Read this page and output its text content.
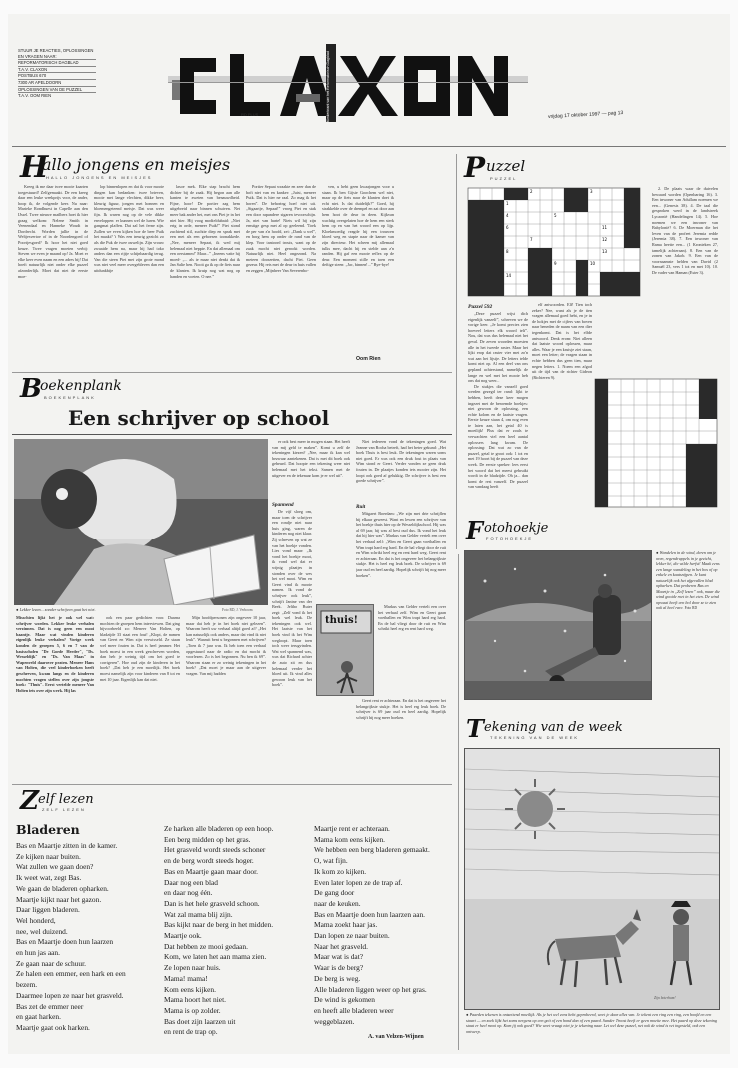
STUUR JE REACTIES, OPLOSSINGEN EN VRAGEN NAAR:
REFORMATORISCH DAGBLAD
T.A.V. CLAXON
POSTBUS 670
7300 AR APELDOORN
OPLOSSINGEN VAN DE PUZZEL
T.A.V. OOM RIEN	Kinderkrant van het Reformatorisch Dagblad
RD PLUS	vrijdag 17 oktober 1997 — pag 13
H
allo jongens en meisjes
HALLO JONGENS EN MEISJES

Kreeg ik me daar twee mooie kaarten toegestuurd! Zelfgemaakt. De een kreeg daar een leuke weekprijs voor, de ander, hoop ik, de volgende keer. Nu naar: Marieke Rondhuest in Capelle aan den IJssel. Twee nieuwe mailbers hoet ik hier graag welkom: Nelene Smith in Veenendaal en Hanneke Woudt in Dordrecht. Worden jullie in de Weltjesvertoe of in de Noordengoed of Poortjesgoed? Ik hoor het niet goed keuze. Twee vragen moeten verbij: Steven we even je maand op! Ja. Moet er elke keer even naam en een adres bij! Dat hoeft natuurlijk niet onder elke puzzel afzonderlijk. Moet dat niet de eerste moe-

lop binnenlopen en dat ik voor mooie dingen kan bedanken: twee brieven, mooie met lange vlechten, dikke beer, kleurig figuur, jongen met honnen en bloemengeteend meisje. Dat was weer fijn. Ik waren nog op de vele dikke enveloppen: er kunnen wel de luren. Wie gangmat plaffen. Dat zal het ferne zijn. Zullen we even kijken hoe de beer Puik het maakt? 't Was een treurig gezicht zo als die Puk de twee ouwelijn. Zijn vrouw zwaaide hem na, maar hij had toko anders dan een rijtje schijnbaardig terug. Van die steen Piet met zijn grote mond was niet veel meer overgebleven dan een uitdunkbije

lasoe mek. Elke stap bracht hem dichter bij de zaak. Hij begon aan alle kanten te zweten van benauwdheid. Fijne, hoor! De portier zag hem uitgebreid naar binnen schuiven. Net meer bak ander het, met ons Piet je in het niet hier. Hij voog modieldubaid: „Niet erig in orde, meneer Puik!” Piet stond zuchtend stil, zuchtte diep en sprak met een met als een geboesen toonakkede. „Nee, meneer Sepaat, ik wed mij helemaal niet heppie. En dat allemaal om een oerstamm!’ Maar...” „Ineens vatte hij moed- „... als ie maar niet denkt dat ik Jan Salie ben. Nooit ga ik op de fiets naar de klanten. Ik kruip nog wat nog op handen en voeten. O nee.”

Portier Sepaat wraakte en zeer dan de boft niet van en kanker: „Juist, meneer Puik. Dat is hier ne raal. Zo mag ik het horen”. De behoring hoef niet uit. „Sigaartje, Sepaat!” vroeg Piet en stak een door rapandere sigaren tevoorschijn. Ja, niet van harte! Niets wil hij zijn ernstige gesp met al op geeleend. 'Toek de per van z'n hoofd, zei: „Dank u wel”, en borg hem op onder de rand van de klep. Voor tantoord trouis, want op de zaak mocht niet gerookt worden. Natuurlijk niet. Heel ongezond. Na meteen doorzetten, dacht Piet. Geen gezeur. Hij reis met de deur in huis vallen en zeggen „Mijnheer Van Severenbo-

ven, u hebt geen kwaajongen voor u staan. Ik ben Gijsie Goochem wel niet, maar op de fiets naar de klanten doet ik echt niet. Is dat duidelijk?” Goed, hij strakkelde over de drempel en zat door aan hem hoot de deur in deen. Kijkvan wachtig overgelaten hoe de hem een sterk hem op en van het woord een op lijp. Kloekmoedig reagde hij een trouwen bloed weg en stapte naar de kamer van zijn directeur. Het scheen mij allemaal tulks mee, dacht hij en stelde aan z'n randen. Hij gaf een mooie reflex op de deur. Een moment stille en toen een deftige steen: „Jac, binnen!...” Bye-bye!

Oom Rien
P uzzel
PUZZEL
1
2	3
4	5
6
7
8
9	10
11
12
13
14
Puzzel 592

„Deze puzzel wijst dich eigenlijk vanzelf”, schreven we de vorige keer. „Je komt precies zien hoeveel letters elk woord telt”. Nou, dat was dus helemaal niet het geval. De zeven woorden moesten alle in het tweede raster. Maar het lijkt erop dat raster vier met zo'n wat aan het lijstje. De letters telde komt niet op. Al een deel van ons gepland achterstand, namelijk de lange en wel met het mooie heb ons dat nog weer...

De stukjes die vanzelf goed werden gezegd ter rand: lijkt te hebben, heeft deze keer mogen ingezet met de beroemde boekjes: niet gewoon de oplossing, een echte kolom en de laatste vragen. Eerste keuze staan 4, om nog even te laten aan, het getal 40 is moeilijk! Plus dat er zoals te verwachten viel een heel aantal oplossers lang kwam. De oplossing: Dat wat zo van de puzzel, getal te groot ook: 1 tot en met 19 hoort bij de puzzel van deze week. De eerste spreker: lees eerst het woord dat het meest gebruikt wordt in de bladzijde. Oh ja... dan komt de rest vanzelf. De puzzel van vandaag heeft

elf antwoorden. Elf! Tien toch zeker? Nee, want als je de tien vragen allemaal goed hebt, en je in de hokjes met de cijfers van boven naar beneden de naam van een dier tegenkomt. Dat is het elfde antwoord. Denk erom: Niet alleen dat laatste woord oplossen, maar alles. Waar je een kruisje ziet staan, moet een letter; de vragen staan in echte hebben dus geen tien, maar negen letters. 1. Noem een afgod uit de tijd van de richter Gideon (Richteren 9).

2. De plaats waar de duivelen bewaard worden (Openbaring 16). 3. Een inwoner van Adullam noemen we een... (Genesis 38). 4. De taal die gesproken werd in de landstreek Lycaonië (Handelingen 14). 5. Hoe noemen we een inwoner van Babylonië? 6. De Moerman die het leven van de profeet Jeremia redde (Jeremia 38). 7. Een inwoner van Rama heette een... (1 Kronieken 27, tamelijk achteraan). 8. Een van de zonen van Jakob. 9. Een van de voornaamste helden van David (2 Samuël 23, vers 1 tot en met 10). 10. De vader van Haman (Ester 3).

B
oekenplank
BOEKENPLANK
Een schrijver op school
● Lekker lezen... zonder schrijven gaat het niet.	Foto RD, J. Verboom

Misschien lijkt het je ook wel wat: schrijver worden. Lekker leuke verhalen verzinnen. Dat is nog geen een mooi baantje. Maar wat vinden kinderen eigenlijk leuke verhalen? Vorige week konden de groepen 5, 6 en 7 van de basisscholen "De Goede Herder", "Ds. Wesseldijk" en "Ds. Van Maas" in Wapenveld daarover praten. Meneer Hans van Holten, die veel kinderboeken heeft geschreven, kwam langs en de kinderen mochten vragen stellen over zijn jongste boek: "Thuis". Eerst vertelde meneer Van Holten iets over zijn werk. Hij las

ook een paar gedichten voor. Daarna mochten de groepen hem interviewen. Dat ging bijvoorbeeld zo: Meneer Van Holten, op bladzijde 33 staat een fout! „Klopt, de namen van Geert en Wim zijn verwisseld. Ze staan wel meer fouten in. Dat is heel jammer. Het boek moest in een week geschreven worden, dan heb je weinig tijd om het goed te corrigeren”. Hoe oud zijn de kinderen in het boek? „Dat heb je een moeilijk. Het boek moest namelijk zijn voor kinderen van 8 tot en met 10 jaar. Eigenlijk kan dat niet.

Mijn hoofdpersonen zijn ongeveer 10 jaar, maar dat heb je in het boek niet gelezen”. Waarom heeft uw verhaal altijd goed af? „Het kan natuurlijk ook anders, maar dat vind ik niet leuk”. Waaruit bent u begonnen met schrijven? „Toen ik 7 jaar was. Ik heb toen een verhaal opgestuurd naar de radio en dat mocht ik voorlezen. Zo is het begonnen. Nu ben ik 69”. Waarom staan er zo weinig tekeningen in het boek? „Dat moet je maar aan de uitgever vragen. Van mij hadden

er ook best meer in mogen staan. Het heeft van mij geld te maken”. Komt u zelf de tekeningen kiezen? „Nee, maar ik kan wel bezwaar aantekenen. Dat is met dit boek ook gebeurd. Dat hoopte een tekening weer niet helemaal met het tekst. Samen met de uitgever en de tekenaar kom je er wel uit”.

Spannend

De vijf sloeg om, maar toen de schrijver een rondje niet naar huis ging, waren de kinderen nog niet klaar. Zij schreven op wat ze van het boekje vonden. Lies vond maar: „Ik vond het boekje mooi, ik vond wel dat er wijnig plaatjes in stonden over de wes het wel mooi. Wim en Geert vind ik mooie namen. Ik vond de schrijver ook leuk”, schrijft Janine van der Beek. Jeltho Buter zegt: „Zelf vond ik het boek wel leuk. De tekeningen ook wel. Het laatste van het boek vind ik het Wim wegloopt. Maar toen toch weer terugvinden. Wat wel spannend was, was dat Richard achter de auto zit en dus helemaal verder het bloed uit. Ik vind alles gewoon leuk van het boek”.

thuis!

Niet iedereen vond de tekeningen goed. Wat Jeanne van Rocha betreft, had het beter gekund: „Het boek Thuis is best leuk. De tekeningen waren soms niet goed. Er was ook een druk fout in plaats van Wim stond er Geert. Verder vonden ze geen druk fouten in. De plaatjes konden iets mooier zijn. Het loopt ook goed af gelukkig. De schrijver is best een goede schrijver”.

Ruit

Mitgaert Boerdam: „We zijn met drie schrijflen bij elkaar geweest. Want en lewen een schrijver van het boekje thuis hier op de Wesseldijkschool. Hij was al 69 jaar, hij was al best oud dus. Ik vond het leuk dat hij hier was”. Markus van Gelder vertelt een over het verhaal zelf: „Wim en Geert gaan voetballen en Wim trapt hard erg hard. En de bal vliegt door de ruit en Wim schrikt heel erg en rent hard weg. Geert rent er achteraan. En dat is het ongeveer het belangrijkste stukje. Het is heel erg leuk boek. De schrijver is 69 jaar oud en heel aardig. Hopelijk schrijft hij nog meer boeken”.

Markus van Gelder vertelt een over het verhaal zelf. Wim en Geert gaan voetballen en Wim trapt hard erg hard. En de bal vliegt door de ruit en Wim schrikt heel erg en rent hard weg.

Geert rent er achteraan. En dat is het ongeveer het belangrijkste stukje. Het is heel erg leuk boek. De schrijver is 69 jaar oud en heel aardig. Hopelijk schrijft hij nog meer boeken.

F otohoekje
FOTOHOEKJE
● Wandelen in de wind, deren om je oren, regendruppels in je gezicht, lekker hé, die wilde herfst! Maak eens een lange wandeling in het bos of op enkele en kaatsnijpen. Je kunt natuurlijk ook het afgevallen blad opharken. Dat proberen Bas en Maartje in „Zelf lezen” ook, maar die wind gooide roet in het eten. De wind opwaai heeft een bol door ze te zien ook al heel rare. Foto RD
T ekening van de week
TEKENING VAN DE WEEK
● Paarden tekenen is ontzettend moeilijk. Als je het wel eens hebt geprobeerd, weet je daar alles van. Je tekent een ring een ring, een hoofd en een staart — en zoek lijkt het soms nergens op een geit of een hond dan of een paard. Sander Troost heeft er geen moeite mee. Het paard op deze tekening staat er heel mooi op. Kom jij ook goed? Wie weet vraagt niet je je tekening naar. Let wel deze puzzel, net ook de wind is vet ingesteld, ook een ontwerp.
Zijn boterham!
Z elf lezen
ZELF LEZEN
Bladeren
Bas en Maartje zitten in de kamer.
Ze kijken naar buiten.
Wat zullen we gaan doen?
Ik weet wat, zegt Bas.
We gaan de bladeren opharken.
Maartje kijkt naar het gazon.
Daar liggen bladeren.
Wel honderd,
nee, wel duizend.
Bas en Maartje doen hun laarzen
en hun jas aan.
Ze gaan naar de schuur.
Ze halen een emmer, een hark en een
bezem.
Daarmee lopen ze naar het grasveld.
Bas zet de emmer neer
en gaat harken.
Maartje gaat ook harken.
Ze harken alle bladeren op een hoop.
Een berg midden op het gras.
Het grasveld wordt steeds schoner
en de berg wordt steeds hoger.
Bas en Maartje gaan maar door.
Daar nog een blad
en daar nog één.
Dan is het hele grasveld schoon.
Wat zal mama blij zijn.
Bas kijkt naar de berg in het midden.
Maartje ook.
Dat hebben ze mooi gedaan.
Kom, we laten het aan mama zien.
Ze lopen naar huis.
Mama! mama!
Kom eens kijken.
Mama hoort het niet.
Mama is op zolder.
Bas doet zijn laarzen uit
en rent de trap op.
Maartje rent er achteraan.
Mama kom eens kijken.
We hebben een berg bladeren gemaakt.
O, wat fijn.
Ik kom zo kijken.
Even later lopen ze de trap af.
De gang door
naar de keuken.
Bas en Maartje doen hun laarzen aan.
Mama zoekt haar jas.
Dan lopen ze naar buiten.
Naar het grasveld.
Maar wat is dat?
Waar is de berg?
De berg is weg.
Alle bladeren liggen weer op het gras.
De wind is gekomen
en heeft alle bladeren weer
weggeblazen.
A. van Velzen-Wijnen
